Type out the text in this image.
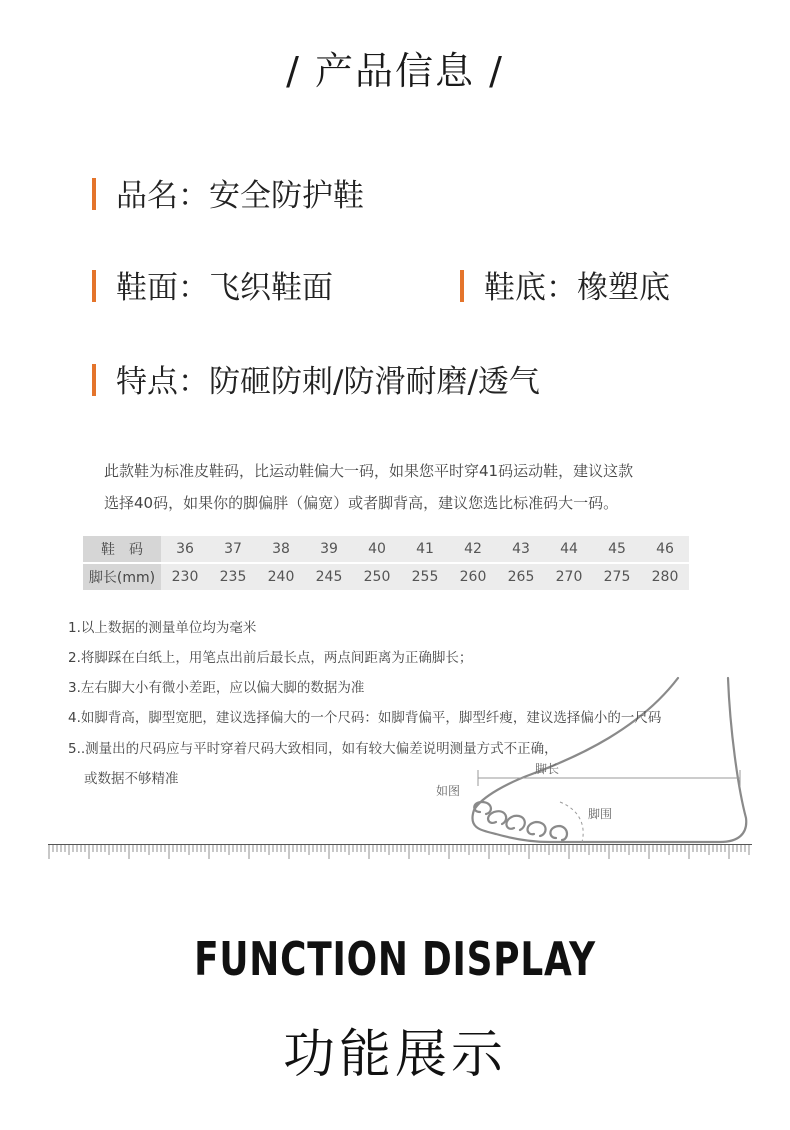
/ 产品信息 /
品名：安全防护鞋
鞋面：飞织鞋面	鞋底：橡塑底
特点：防砸防刺/防滑耐磨/透气
此款鞋为标准皮鞋码，比运动鞋偏大一码，如果您平时穿41码运动鞋，建议这款
选择40码，如果你的脚偏胖（偏宽）或者脚背高，建议您选比标准码大一码。
鞋　码	36	37	38	39	40	41	42	43	44	45	46
脚长(mm)	230	235	240	245	250	255	260	265	270	275	280
脚长
如图
脚围
1.以上数据的测量单位均为毫米
2.将脚踩在白纸上，用笔点出前后最长点，两点间距离为正确脚长；
3.左右脚大小有微小差距，应以偏大脚的数据为准
4.如脚背高，脚型宽肥，建议选择偏大的一个尺码：如脚背偏平，脚型纤瘦，建议选择偏小的一尺码
5..测量出的尺码应与平时穿着尺码大致相同，如有较大偏差说明测量方式不正确，
或数据不够精准
FUNCTION DISPLAY
功能展示
